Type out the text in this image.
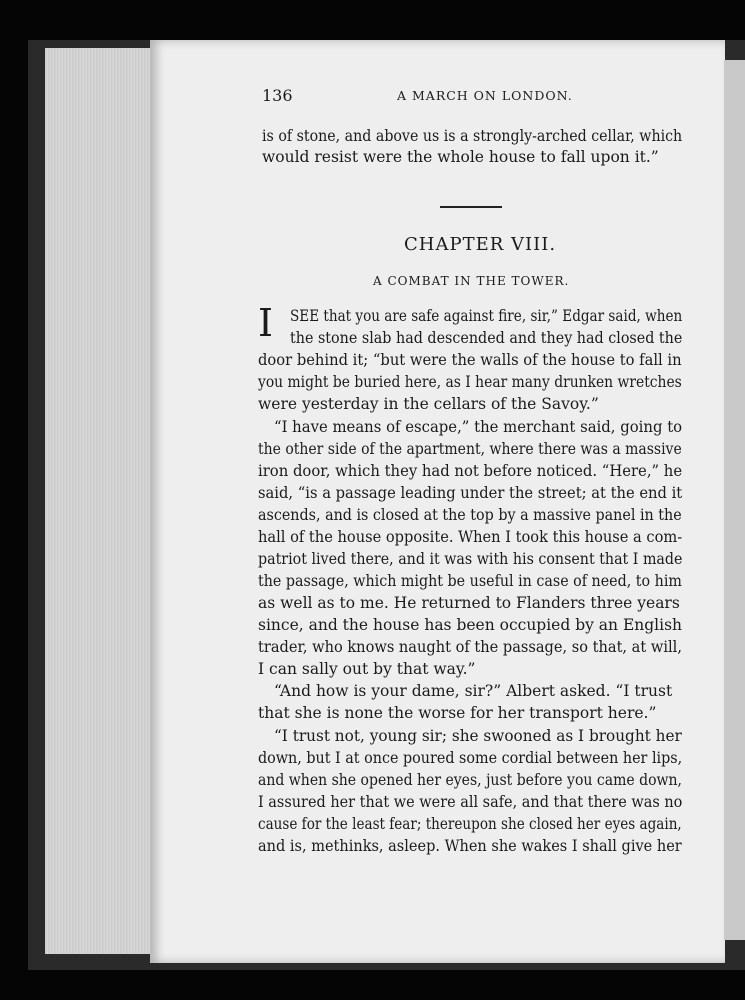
136	A MARCH ON LONDON.
is of stone, and above us is a strongly-arched cellar, which
would resist were the whole house to fall upon it.”
CHAPTER VIII.
A COMBAT IN THE TOWER.
I SEE that you are safe against fire, sir,” Edgar said, when
the stone slab had descended and they had closed the
door behind it; “but were the walls of the house to fall in
you might be buried here, as I hear many drunken wretches
were yesterday in the cellars of the Savoy.”
“I have means of escape,” the merchant said, going to
the other side of the apartment, where there was a massive
iron door, which they had not before noticed. “Here,” he
said, “is a passage leading under the street; at the end it
ascends, and is closed at the top by a massive panel in the
hall of the house opposite. When I took this house a com-
patriot lived there, and it was with his consent that I made
the passage, which might be useful in case of need, to him
as well as to me. He returned to Flanders three years
since, and the house has been occupied by an English
trader, who knows naught of the passage, so that, at will,
I can sally out by that way.”
“And how is your dame, sir?” Albert asked. “I trust
that she is none the worse for her transport here.”
“I trust not, young sir; she swooned as I brought her
down, but I at once poured some cordial between her lips,
and when she opened her eyes, just before you came down,
I assured her that we were all safe, and that there was no
cause for the least fear; thereupon she closed her eyes again,
and is, methinks, asleep. When she wakes I shall give her
